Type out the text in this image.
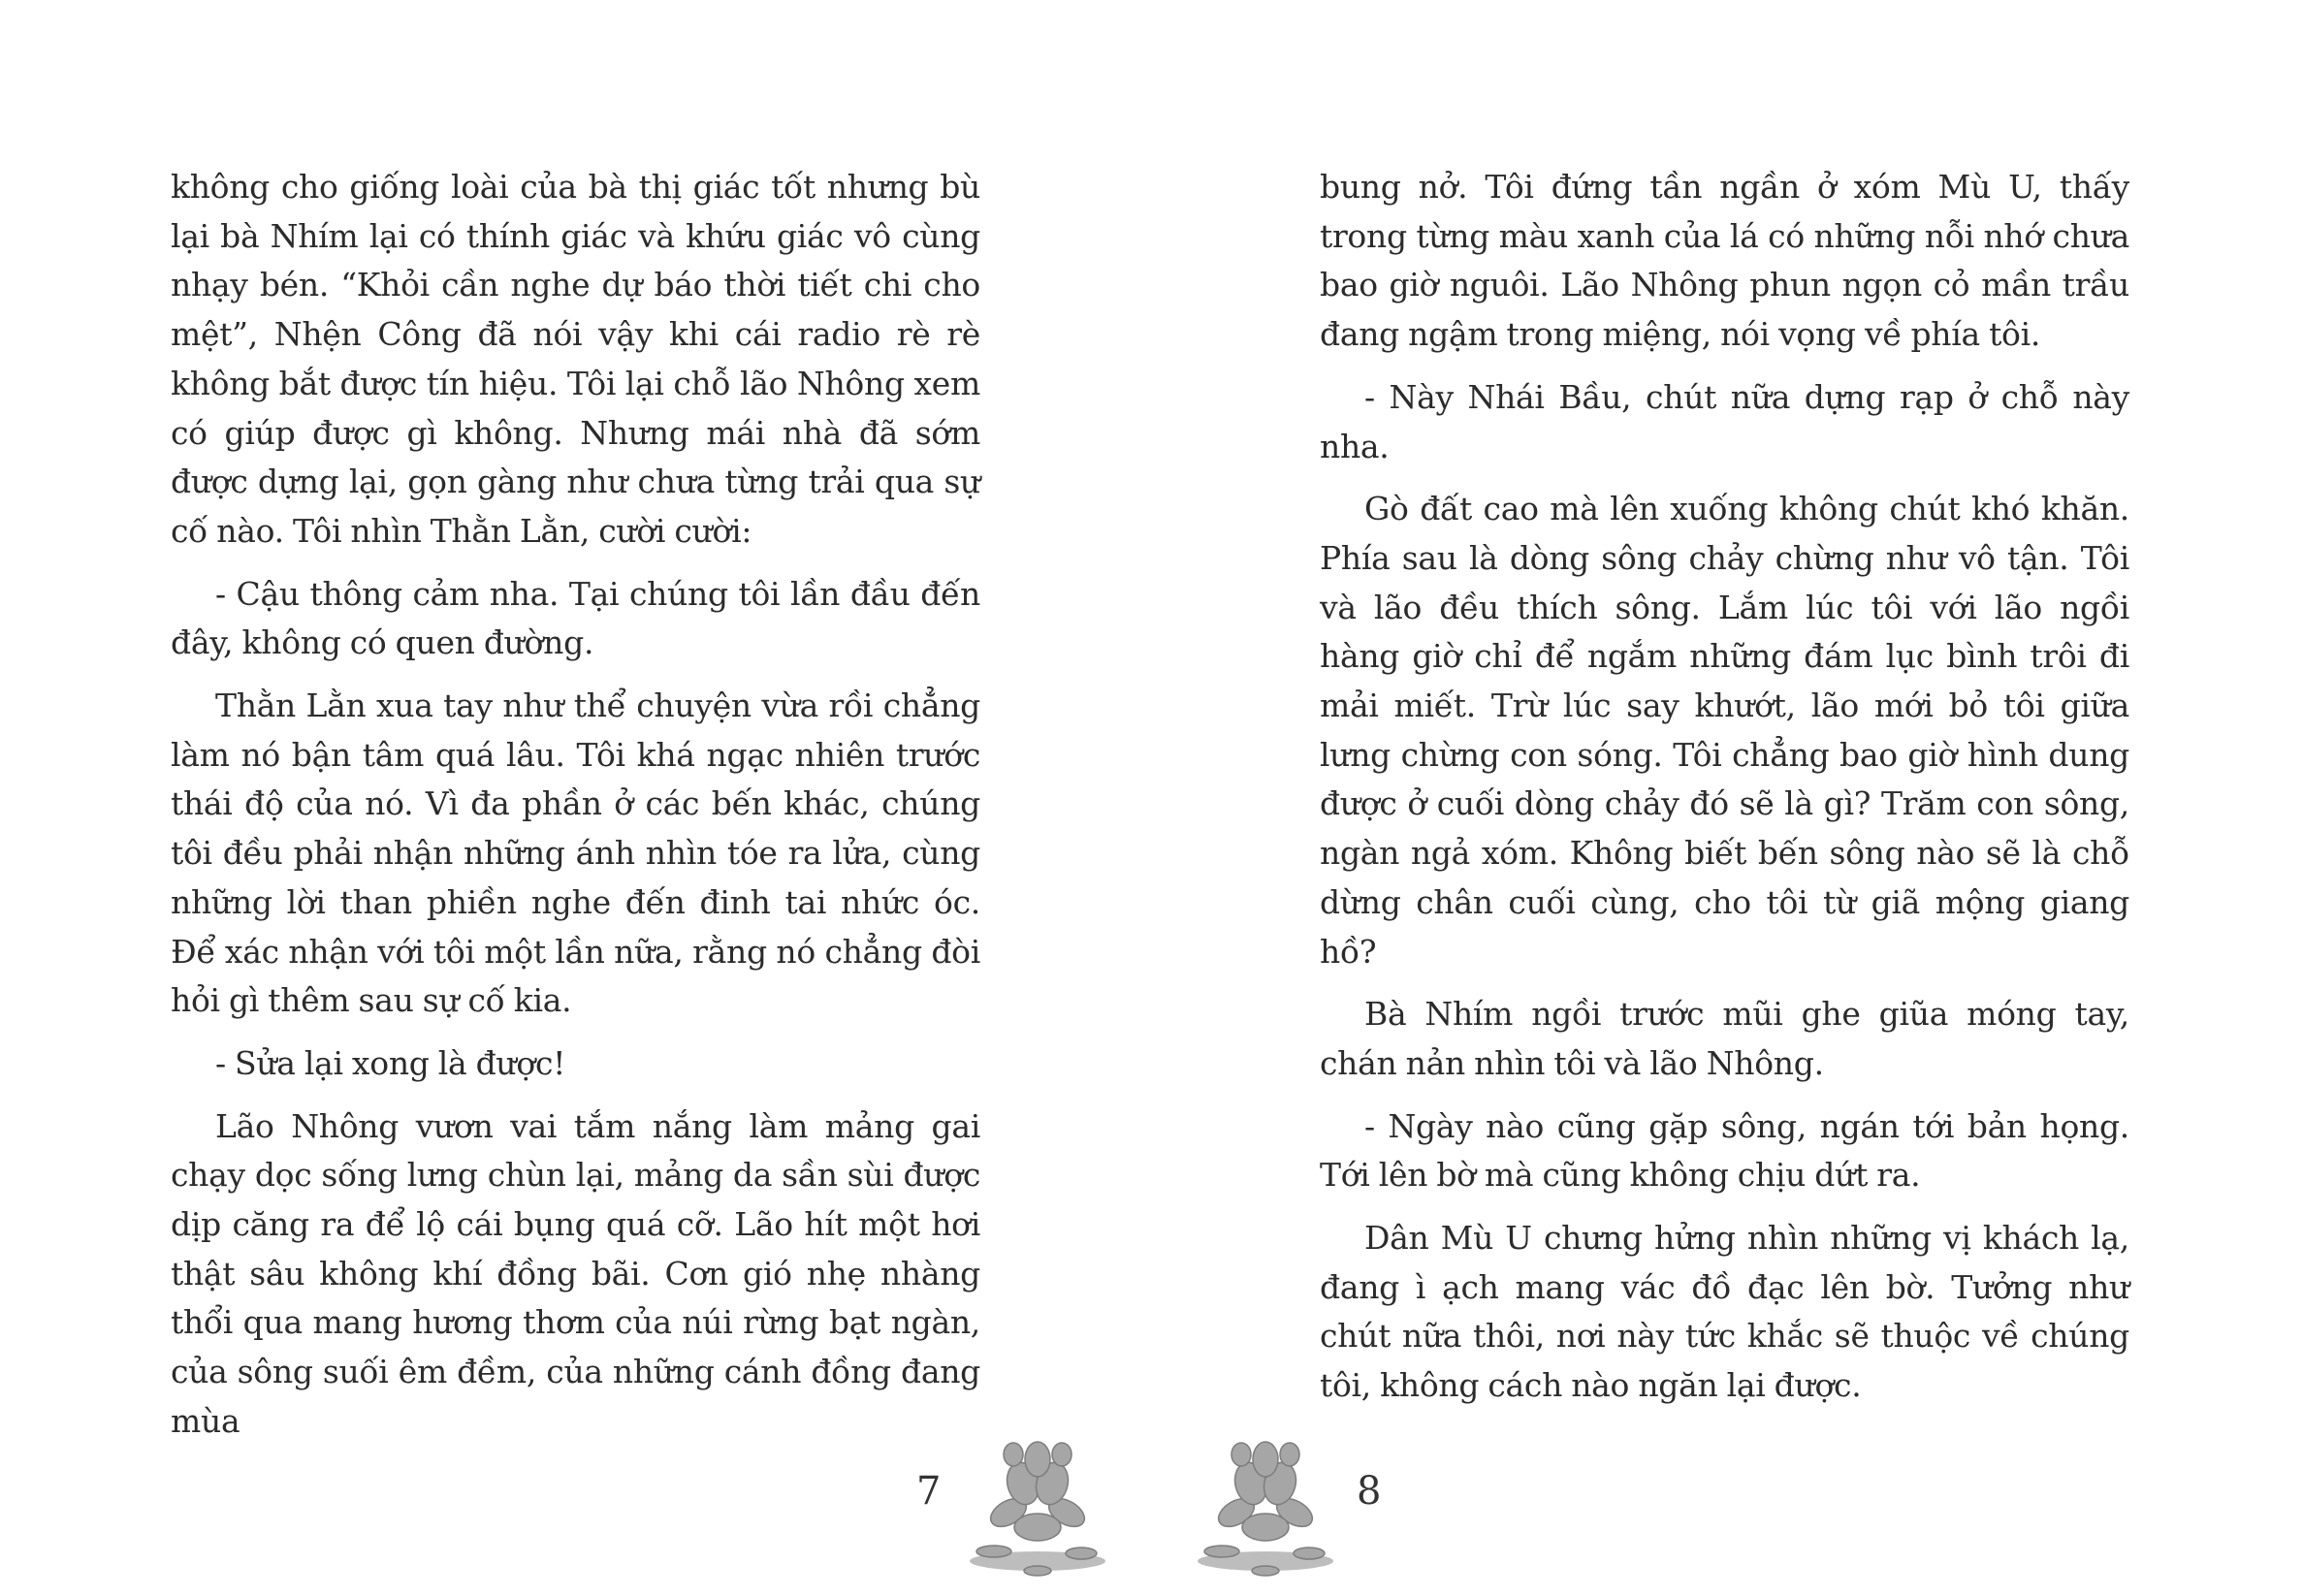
không cho giống loài của bà thị giác tốt nhưng bù lại bà Nhím lại có thính giác và khứu giác vô cùng nhạy bén. “Khỏi cần nghe dự báo thời tiết chi cho mệt”, Nhện Công đã nói vậy khi cái radio rè rè không bắt được tín hiệu. Tôi lại chỗ lão Nhông xem có giúp được gì không. Nhưng mái nhà đã sớm được dựng lại, gọn gàng như chưa từng trải qua sự cố nào. Tôi nhìn Thằn Lằn, cười cười:

- Cậu thông cảm nha. Tại chúng tôi lần đầu đến đây, không có quen đường.

Thằn Lằn xua tay như thể chuyện vừa rồi chẳng làm nó bận tâm quá lâu. Tôi khá ngạc nhiên trước thái độ của nó. Vì đa phần ở các bến khác, chúng tôi đều phải nhận những ánh nhìn tóe ra lửa, cùng những lời than phiền nghe đến đinh tai nhức óc. Để xác nhận với tôi một lần nữa, rằng nó chẳng đòi hỏi gì thêm sau sự cố kia.

- Sửa lại xong là được!

Lão Nhông vươn vai tắm nắng làm mảng gai chạy dọc sống lưng chùn lại, mảng da sần sùi được dịp căng ra để lộ cái bụng quá cỡ. Lão hít một hơi thật sâu không khí đồng bãi. Cơn gió nhẹ nhàng thổi qua mang hương thơm của núi rừng bạt ngàn, của sông suối êm đềm, của những cánh đồng đang mùa

bung nở. Tôi đứng tần ngần ở xóm Mù U, thấy trong từng màu xanh của lá có những nỗi nhớ chưa bao giờ nguôi. Lão Nhông phun ngọn cỏ mần trầu đang ngậm trong miệng, nói vọng về phía tôi.

- Này Nhái Bầu, chút nữa dựng rạp ở chỗ này nha.

Gò đất cao mà lên xuống không chút khó khăn. Phía sau là dòng sông chảy chừng như vô tận. Tôi và lão đều thích sông. Lắm lúc tôi với lão ngồi hàng giờ chỉ để ngắm những đám lục bình trôi đi mải miết. Trừ lúc say khướt, lão mới bỏ tôi giữa lưng chừng con sóng. Tôi chẳng bao giờ hình dung được ở cuối dòng chảy đó sẽ là gì? Trăm con sông, ngàn ngả xóm. Không biết bến sông nào sẽ là chỗ dừng chân cuối cùng, cho tôi từ giã mộng giang hồ?

Bà Nhím ngồi trước mũi ghe giũa móng tay, chán nản nhìn tôi và lão Nhông.

- Ngày nào cũng gặp sông, ngán tới bản họng. Tới lên bờ mà cũng không chịu dứt ra.

Dân Mù U chưng hửng nhìn những vị khách lạ, đang ì ạch mang vác đồ đạc lên bờ. Tưởng như chút nữa thôi, nơi này tức khắc sẽ thuộc về chúng tôi, không cách nào ngăn lại được.

7	8
